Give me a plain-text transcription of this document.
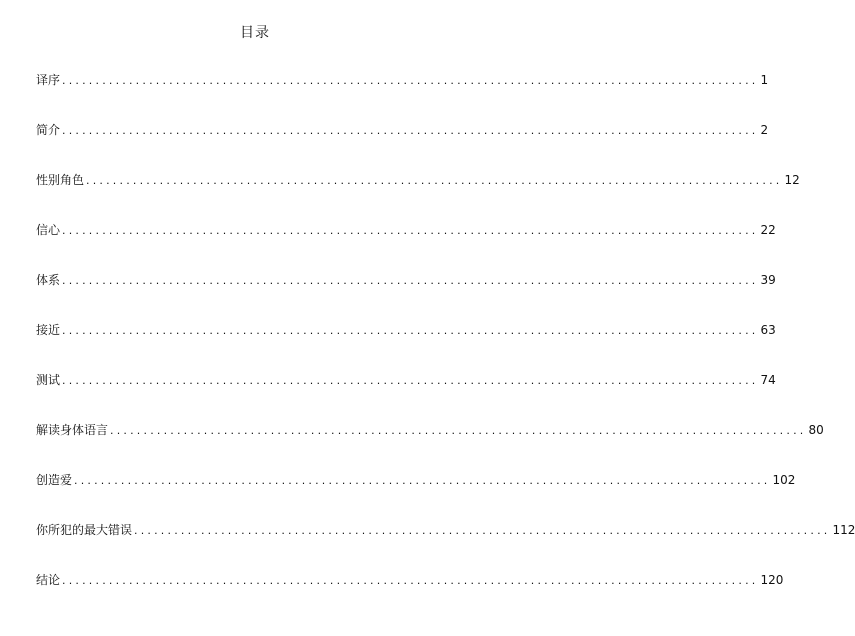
目录
译序 ........................................................................................................ 1
简介 ........................................................................................................ 2
性别角色 ........................................................................................................ 12
信心 ........................................................................................................ 22
体系 ........................................................................................................ 39
接近 ........................................................................................................ 63
测试 ........................................................................................................ 74
解读身体语言 ........................................................................................................ 80
创造爱 ........................................................................................................ 102
你所犯的最大错误 ........................................................................................................ 112
结论 ........................................................................................................ 120
